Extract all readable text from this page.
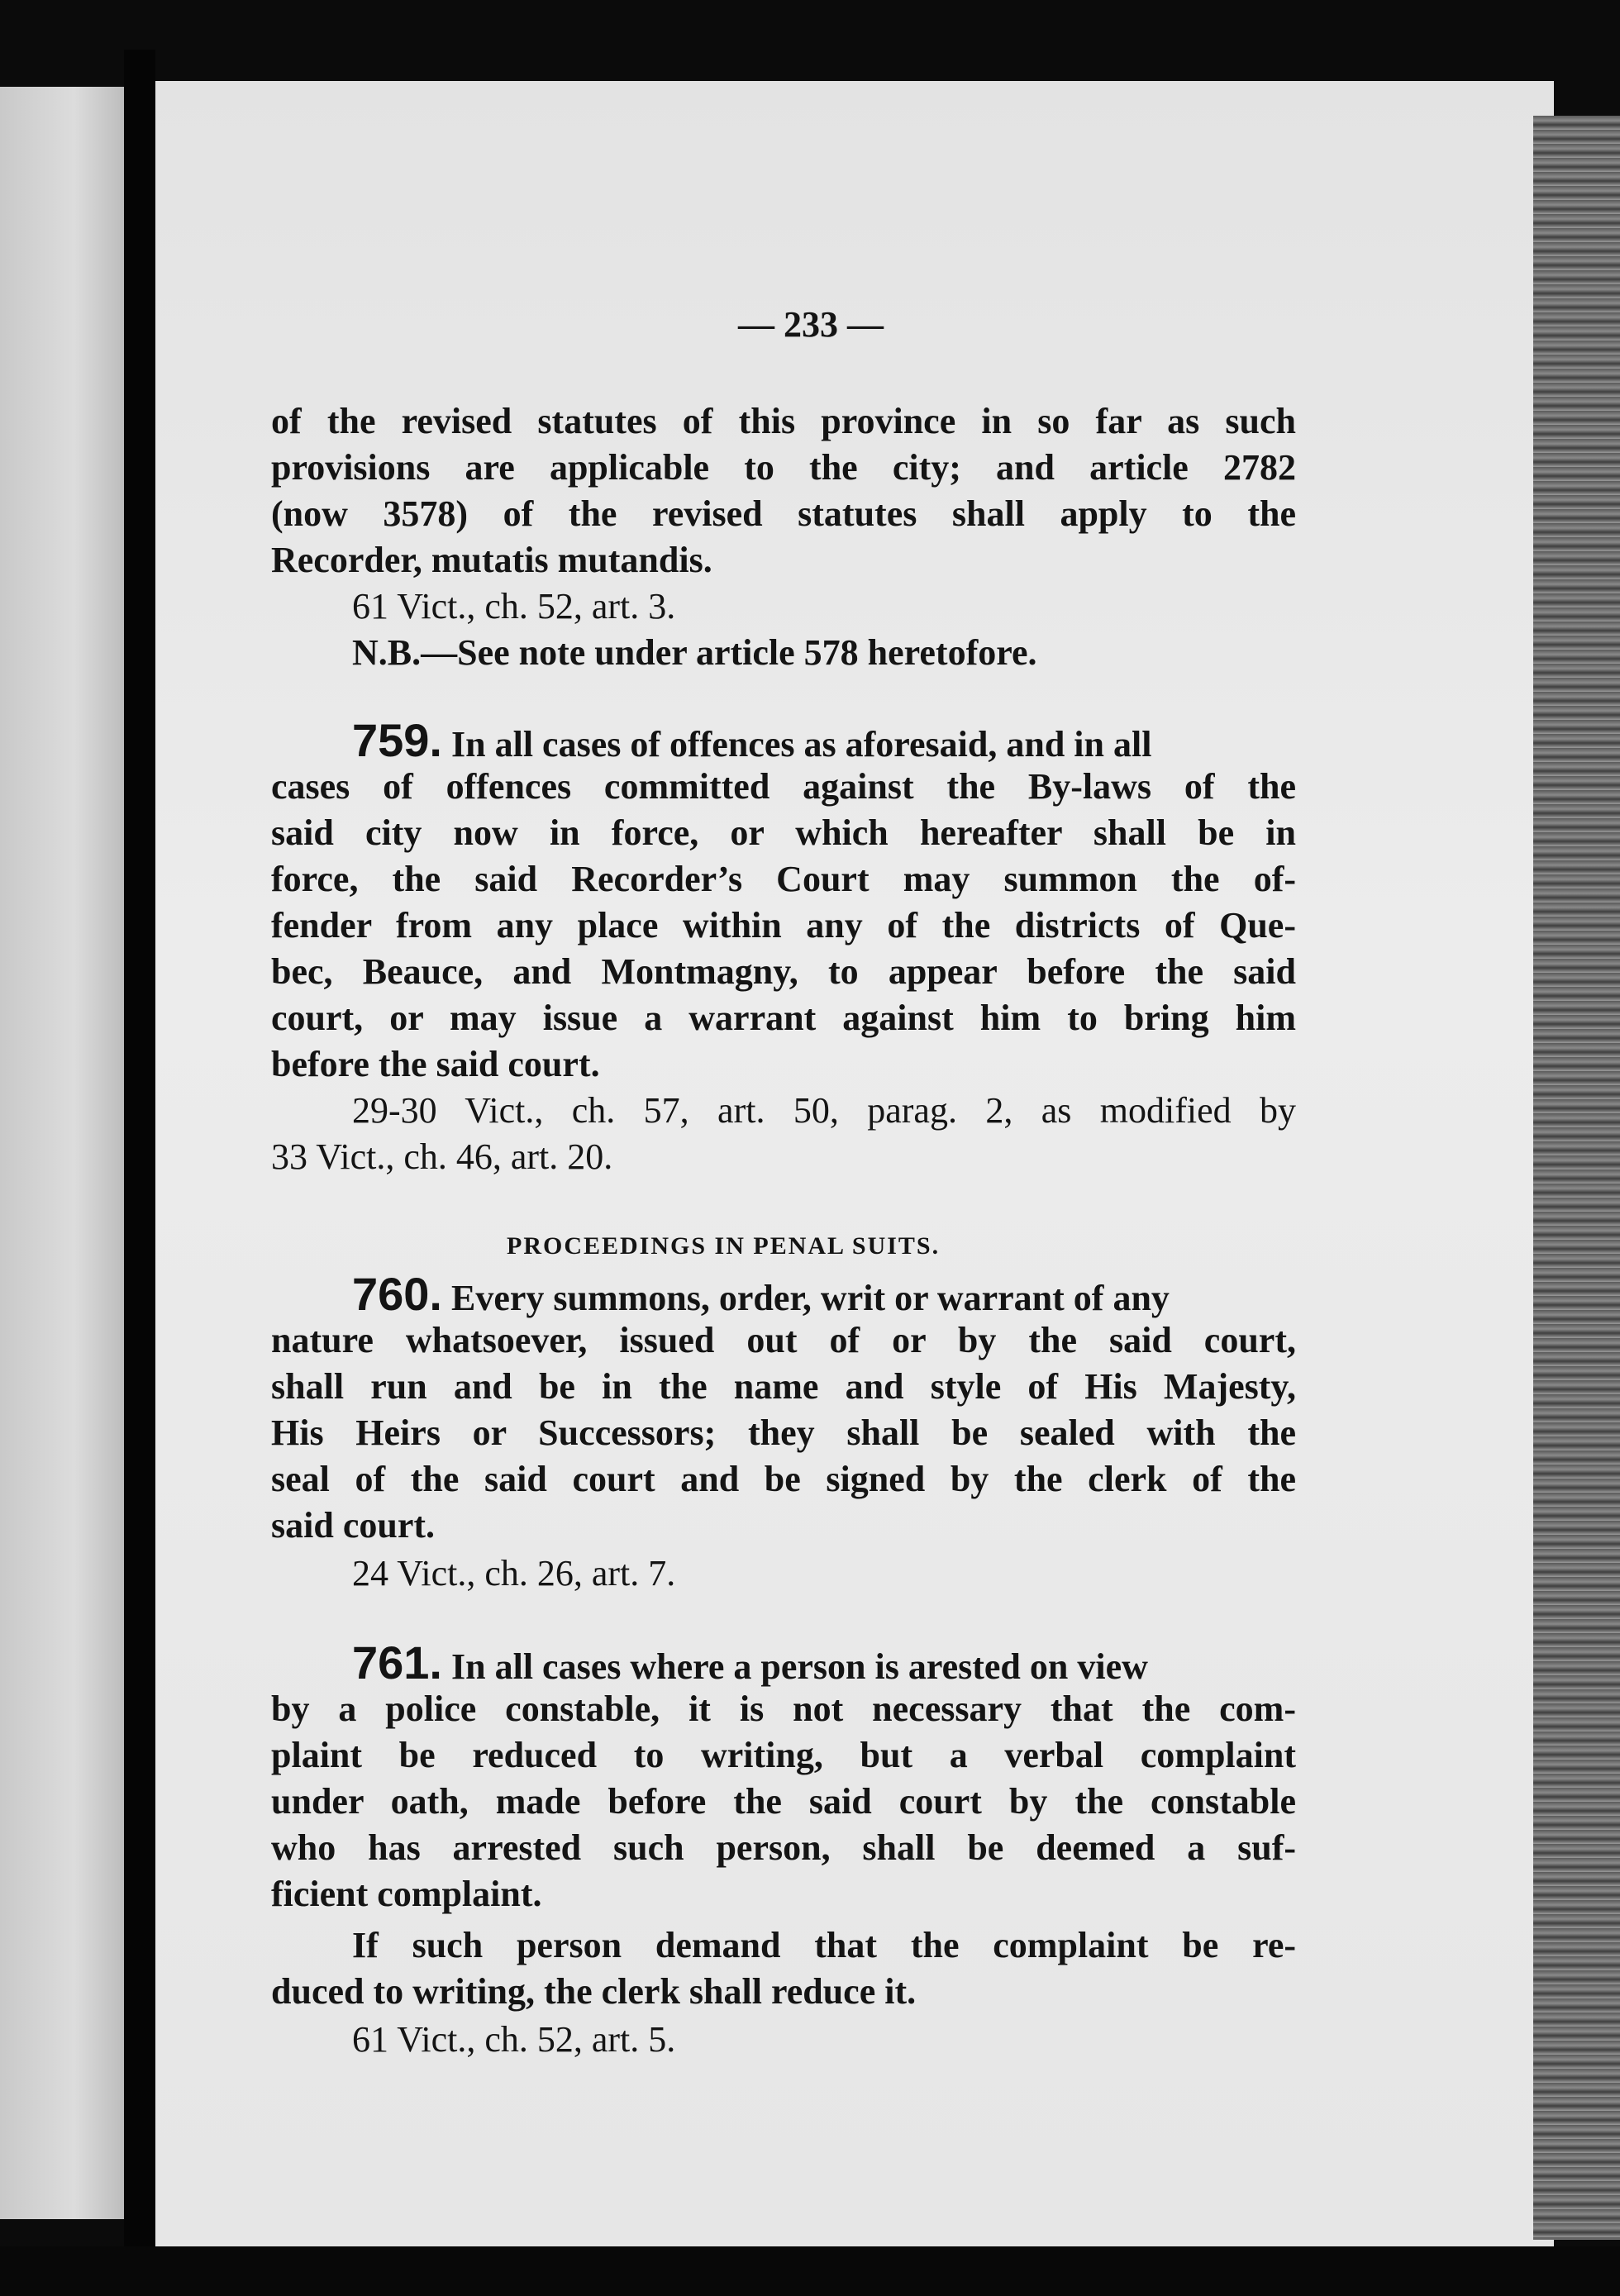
— 233 —
of the revised statutes of this province in so far as such
provisions are applicable to the city; and article 2782
(now 3578) of the revised statutes shall apply to the
Recorder, mutatis mutandis.
61 Vict., ch. 52, art. 3.
N.B.—See note under article 578 heretofore.
759. In all cases of offences as aforesaid, and in all
cases of offences committed against the By-laws of the
said city now in force, or which hereafter shall be in
force, the said Recorder’s Court may summon the of-
fender from any place within any of the districts of Que-
bec, Beauce, and Montmagny, to appear before the said
court, or may issue a warrant against him to bring him
before the said court.
29-30 Vict., ch. 57, art. 50, parag. 2, as modified by
33 Vict., ch. 46, art. 20.
PROCEEDINGS IN PENAL SUITS.
760. Every summons, order, writ or warrant of any
nature whatsoever, issued out of or by the said court,
shall run and be in the name and style of His Majesty,
His Heirs or Successors; they shall be sealed with the
seal of the said court and be signed by the clerk of the
said court.
24 Vict., ch. 26, art. 7.
761. In all cases where a person is arested on view
by a police constable, it is not necessary that the com-
plaint be reduced to writing, but a verbal complaint
under oath, made before the said court by the constable
who has arrested such person, shall be deemed a suf-
ficient complaint.
If such person demand that the complaint be re-
duced to writing, the clerk shall reduce it.
61 Vict., ch. 52, art. 5.
